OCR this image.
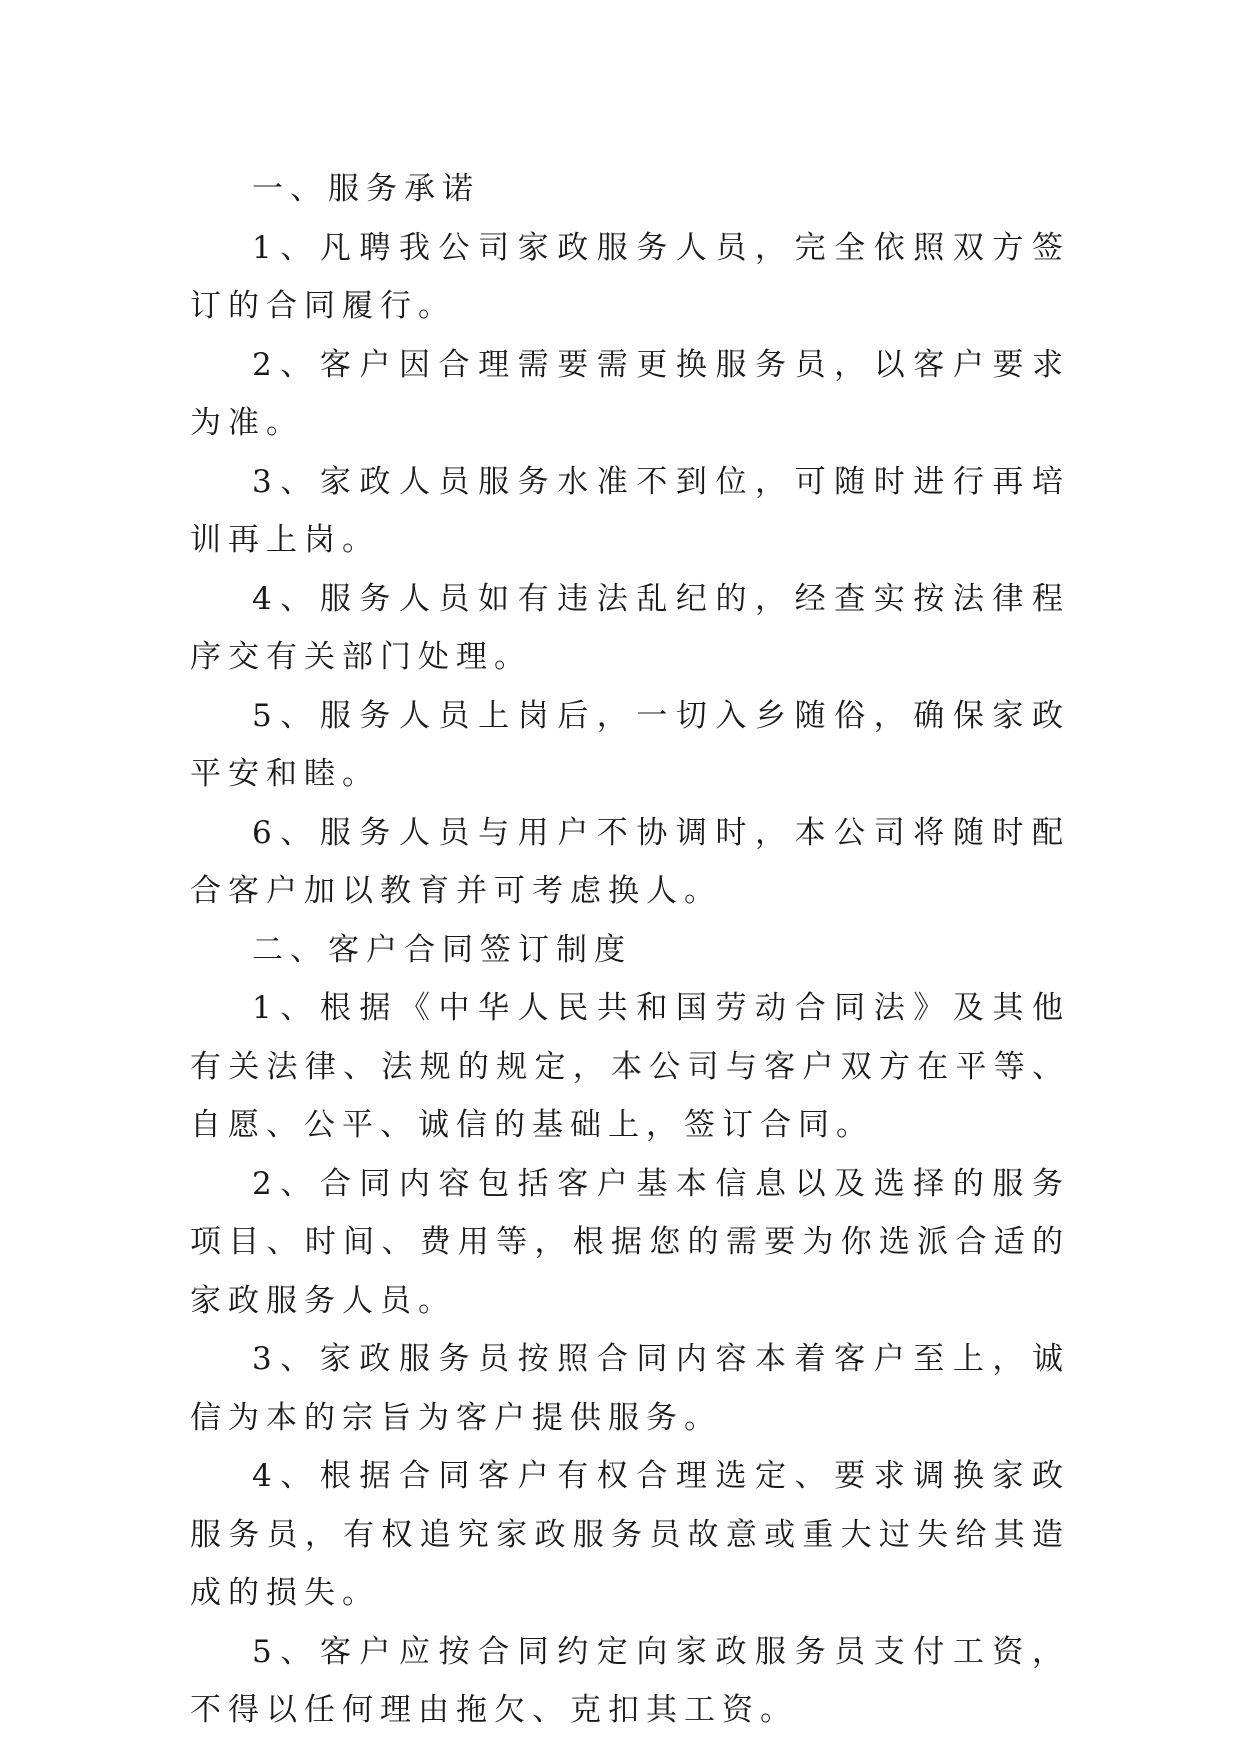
一、服务承诺

1、凡聘我公司家政服务人员，完全依照双方签订的合同履行。

2、客户因合理需要需更换服务员，以客户要求为准。

3、家政人员服务水准不到位，可随时进行再培训再上岗。

4、服务人员如有违法乱纪的，经查实按法律程序交有关部门处理。

5、服务人员上岗后，一切入乡随俗，确保家政平安和睦。

6、服务人员与用户不协调时，本公司将随时配合客户加以教育并可考虑换人。

二、客户合同签订制度

1、根据《中华人民共和国劳动合同法》及其他有关法律、法规的规定，本公司与客户双方在平等、自愿、公平、诚信的基础上，签订合同。

2、合同内容包括客户基本信息以及选择的服务项目、时间、费用等，根据您的需要为你选派合适的家政服务人员。

3、家政服务员按照合同内容本着客户至上，诚信为本的宗旨为客户提供服务。

4、根据合同客户有权合理选定、要求调换家政服务员，有权追究家政服务员故意或重大过失给其造成的损失。

5、客户应按合同约定向家政服务员支付工资，不得以任何理由拖欠、克扣其工资。
